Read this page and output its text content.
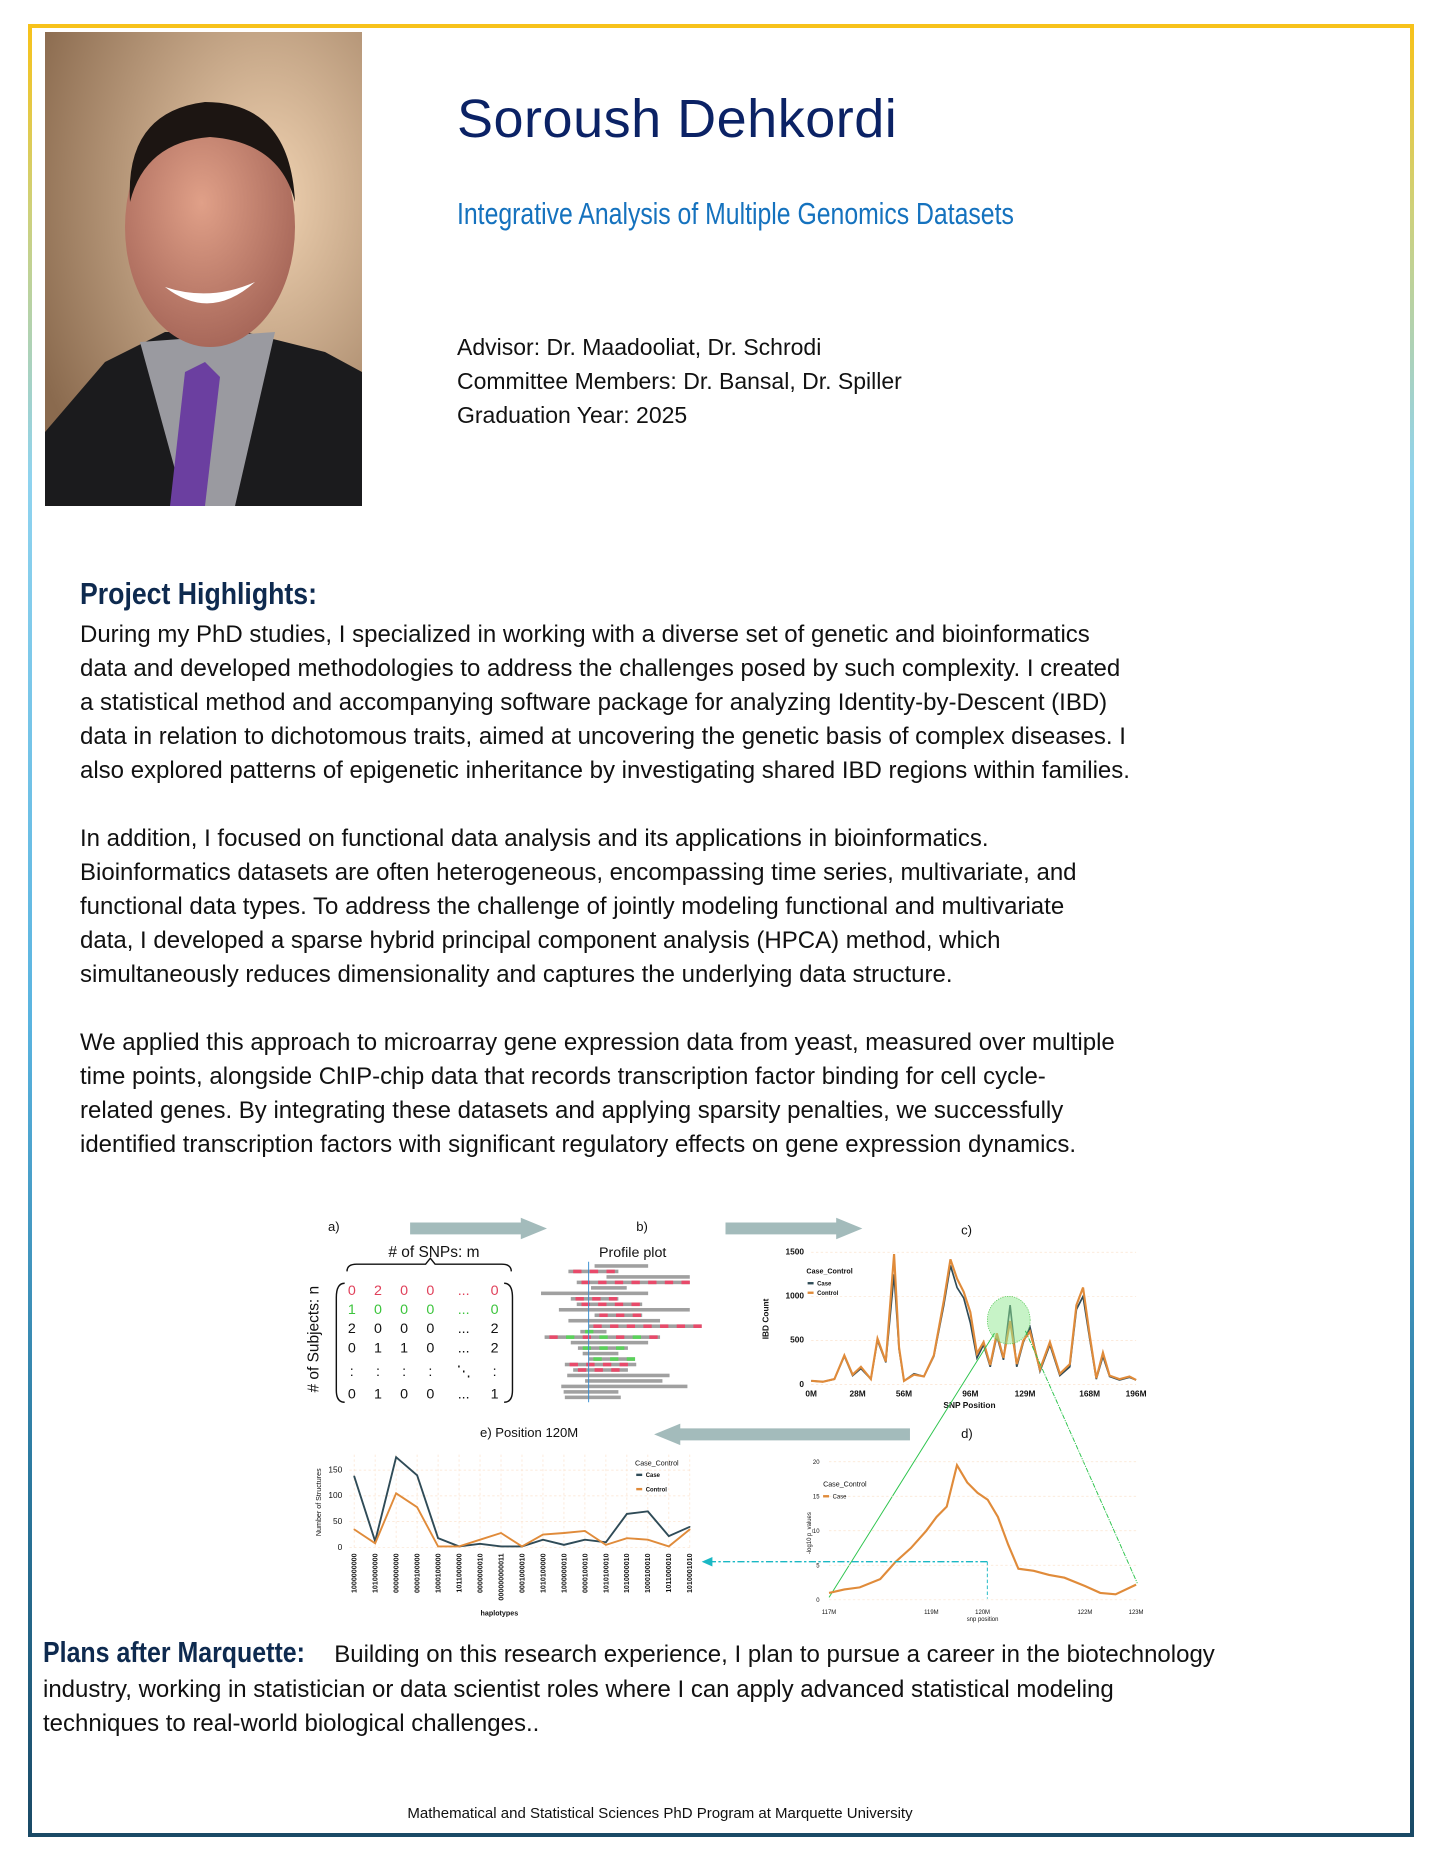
Soroush Dehkordi
Integrative Analysis of Multiple Genomics Datasets
Advisor: Dr. Maadooliat, Dr. Schrodi
Committee Members: Dr. Bansal, Dr. Spiller
Graduation Year: 2025
Project Highlights:
During my PhD studies, I specialized in working with a diverse set of genetic and bioinformatics
data and developed methodologies to address the challenges posed by such complexity. I created
a statistical method and accompanying software package for analyzing Identity-by-Descent (IBD)
data in relation to dichotomous traits, aimed at uncovering the genetic basis of complex diseases. I
also explored patterns of epigenetic inheritance by investigating shared IBD regions within families.
In addition, I focused on functional data analysis and its applications in bioinformatics.
Bioinformatics datasets are often heterogeneous, encompassing time series, multivariate, and
functional data types. To address the challenge of jointly modeling functional and multivariate
data, I developed a sparse hybrid principal component analysis (HPCA) method, which
simultaneously reduces dimensionality and captures the underlying data structure.
We applied this approach to microarray gene expression data from yeast, measured over multiple
time points, alongside ChIP-chip data that records transcription factor binding for cell cycle-
related genes. By integrating these datasets and applying sparsity penalties, we successfully
identified transcription factors with significant regulatory effects on gene expression dynamics.
a)
# of SNPs: m
# of Subjects: n 0 2 0 0 ... 0
1 0 0 0 ... 0
2 0 0 0 ... 2
0 1 1 0 ... 2
: : : : ⋱ :
0 1 0 0 ... 1
b)
Profile plot
c)
0
500
1000
1500
0M	28M	56M	96M	129M	168M	196M
SNP Position
IBD Count
Case_Control
Case
Control
d)
0
5
10
15
20
117M	119M	120M	122M	123M
snp position
-log10 p_values
Case_Control
Case
e) Position 120M
0
50
100
150
1000000000 1010000000 0000000000 0000100000 1000100000 1011000000 0000000010 000000000011 0001000010 1010100000 1000000010 0000100010 1010100010 1010000010 1000100010 1011000010 1010001010
haplotypes
Number of Structures
Case_Control
Case
Control
Plans after Marquette: Building on this research experience, I plan to pursue a career in the biotechnology
industry, working in statistician or data scientist roles where I can apply advanced statistical modeling
techniques to real-world biological challenges..
Mathematical and Statistical Sciences PhD Program at Marquette University
